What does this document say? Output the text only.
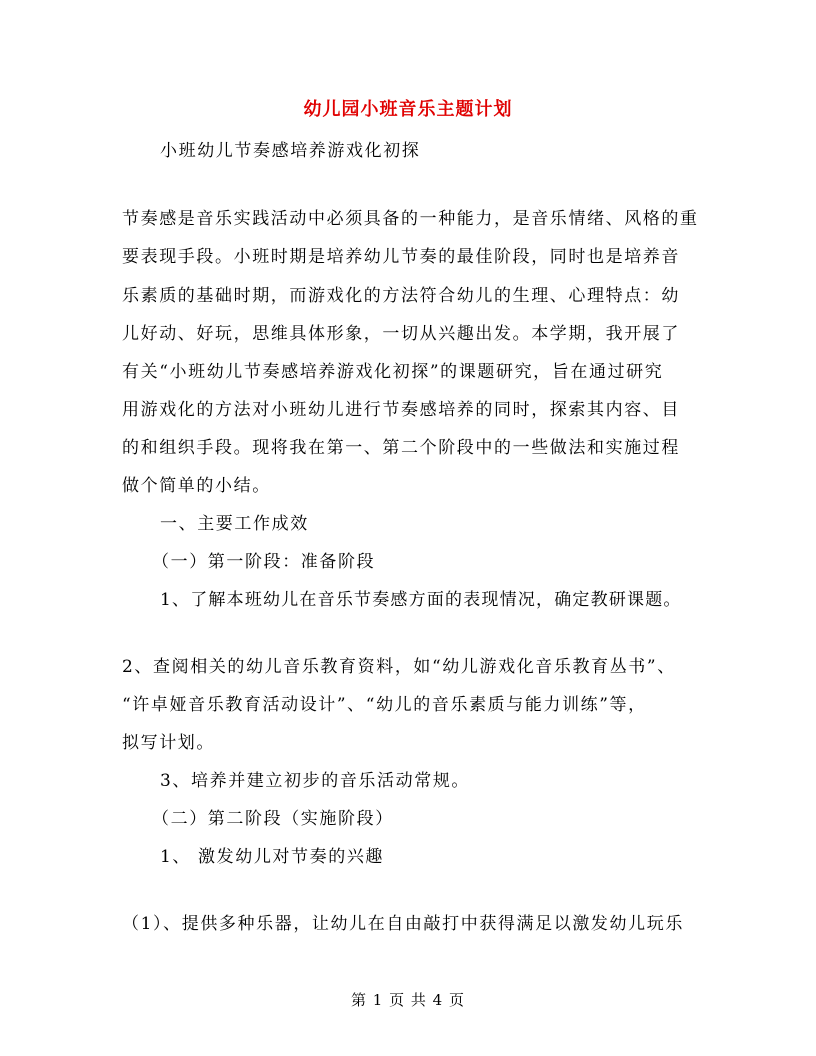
幼儿园小班音乐主题计划
小班幼儿节奏感培养游戏化初探
节奏感是音乐实践活动中必须具备的一种能力，是音乐情绪、风格的重
要表现手段。小班时期是培养幼儿节奏的最佳阶段，同时也是培养音
乐素质的基础时期，而游戏化的方法符合幼儿的生理、心理特点：幼
儿好动、好玩，思维具体形象，一切从兴趣出发。本学期，我开展了
有关“小班幼儿节奏感培养游戏化初探”的课题研究，旨在通过研究
用游戏化的方法对小班幼儿进行节奏感培养的同时，探索其内容、目
的和组织手段。现将我在第一、第二个阶段中的一些做法和实施过程
做个简单的小结。
一、主要工作成效
（一）第一阶段：准备阶段
1、了解本班幼儿在音乐节奏感方面的表现情况，确定教研课题。
2、查阅相关的幼儿音乐教育资料，如“幼儿游戏化音乐教育丛书”、
“许卓娅音乐教育活动设计”、“幼儿的音乐素质与能力训练”等，
拟写计划。
3、培养并建立初步的音乐活动常规。
（二）第二阶段（实施阶段）
1、 激发幼儿对节奏的兴趣
（1）、提供多种乐器，让幼儿在自由敲打中获得满足以激发幼儿玩乐
第 1 页 共 4 页
